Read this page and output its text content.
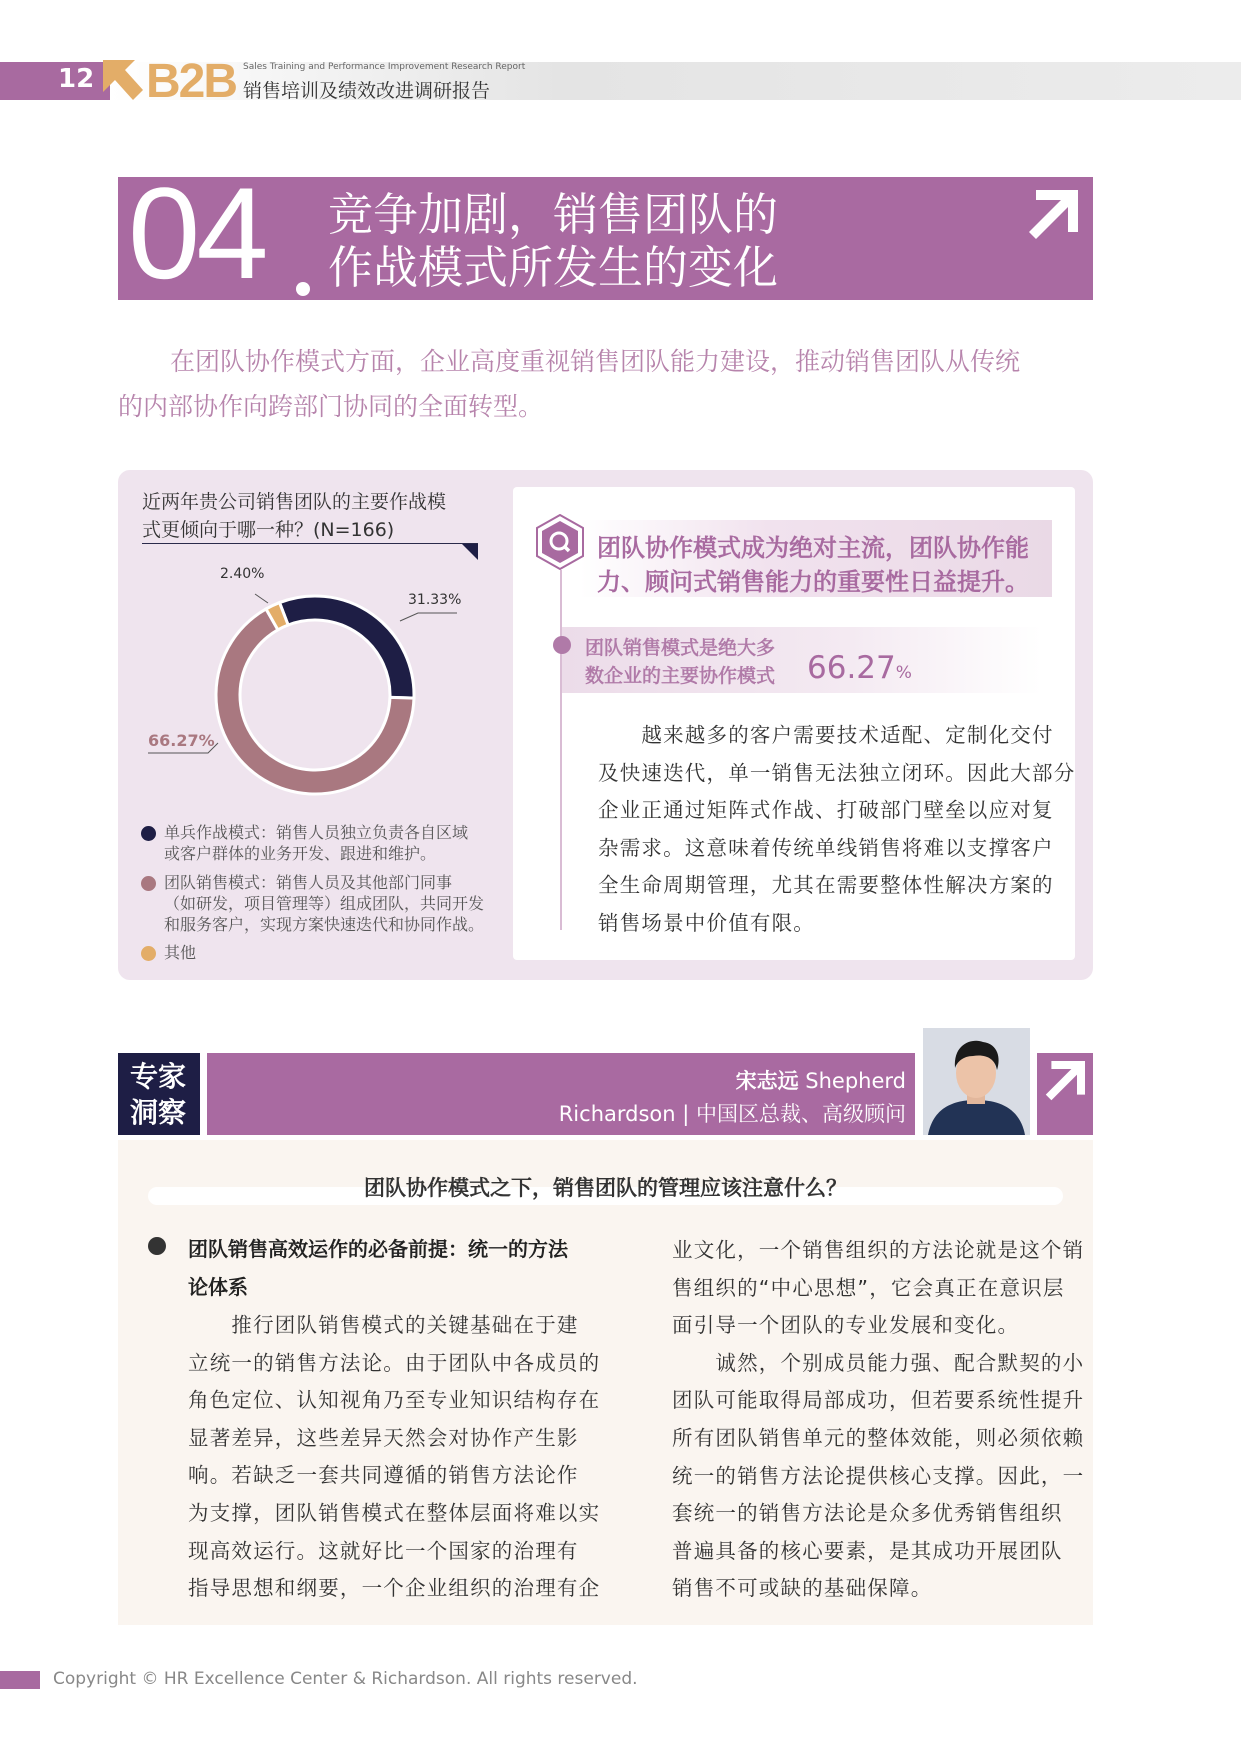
12 B2B Sales Training and Performance Improvement Research Report
销售培训及绩效改进调研报告
04 竞争加剧，销售团队的
作战模式所发生的变化
在团队协作模式方面，企业高度重视销售团队能力建设，推动销售团队从传统
的内部协作向跨部门协同的全面转型。
近两年贵公司销售团队的主要作战模
式更倾向于哪一种？(N=166)
2.40%
31.33%
66.27%
单兵作战模式：销售人员独立负责各自区域
或客户群体的业务开发、跟进和维护。
团队销售模式：销售人员及其他部门同事
（如研发，项目管理等）组成团队，共同开发
和服务客户，实现方案快速迭代和协同作战。
其他
团队协作模式成为绝对主流，团队协作能
力、顾问式销售能力的重要性日益提升。
团队销售模式是绝大多
数企业的主要协作模式 66.27%
　　越来越多的客户需要技术适配、定制化交付
及快速迭代，单一销售无法独立闭环。因此大部分
企业正通过矩阵式作战、打破部门壁垒以应对复
杂需求。这意味着传统单线销售将难以支撑客户
全生命周期管理，尤其在需要整体性解决方案的
销售场景中价值有限。
专家
洞察
宋志远 Shepherd
Richardson | 中国区总裁、高级顾问
团队协作模式之下，销售团队的管理应该注意什么？
团队销售高效运作的必备前提：统一的方法
论体系
　　推行团队销售模式的关键基础在于建
立统一的销售方法论。由于团队中各成员的
角色定位、认知视角乃至专业知识结构存在
显著差异，这些差异天然会对协作产生影
响。若缺乏一套共同遵循的销售方法论作
为支撑，团队销售模式在整体层面将难以实
现高效运行。这就好比一个国家的治理有
指导思想和纲要，一个企业组织的治理有企
业文化，一个销售组织的方法论就是这个销
售组织的“中心思想”，它会真正在意识层
面引导一个团队的专业发展和变化。
　　诚然，个别成员能力强、配合默契的小
团队可能取得局部成功，但若要系统性提升
所有团队销售单元的整体效能，则必须依赖
统一的销售方法论提供核心支撑。因此，一
套统一的销售方法论是众多优秀销售组织
普遍具备的核心要素，是其成功开展团队
销售不可或缺的基础保障。
Copyright © HR Excellence Center & Richardson. All rights reserved.
